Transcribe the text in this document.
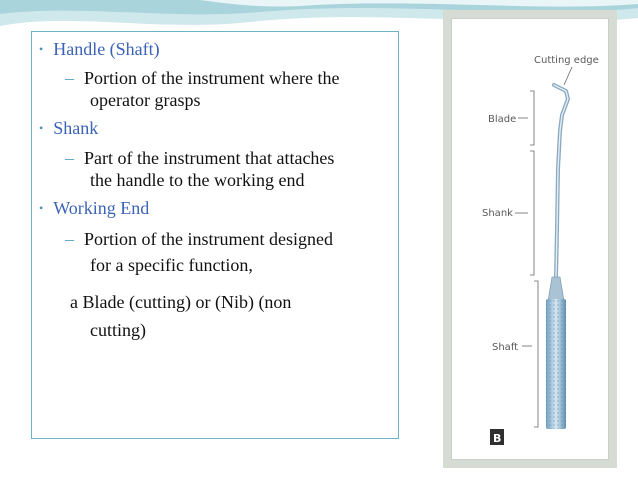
• Handle (Shaft)
– Portion of the instrument where the
operator grasps
• Shank
– Part of the instrument that attaches
the handle to the working end
• Working End
– Portion of the instrument designed
for a specific function,
a Blade (cutting) or (Nib) (non
cutting)
Cutting edge
Blade
Shank
Shaft
B
